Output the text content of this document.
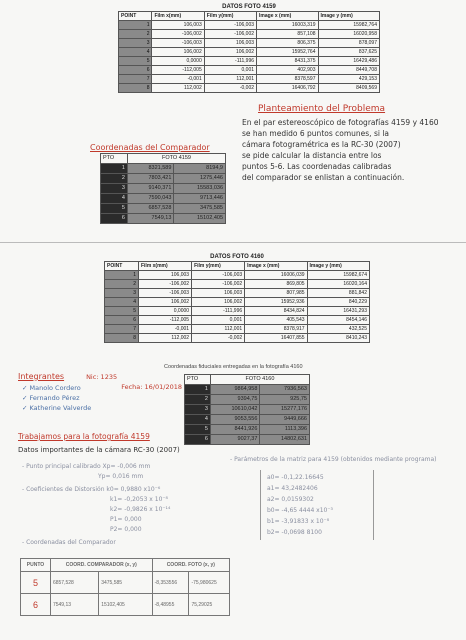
DATOS FOTO 4159
POINT	Film x(mm)	Film y(mm)	Image x (mm)	Image y (mm)
1	106,003	-106,003	16003,319	15982,764
2	-106,002	-106,002	857,108	16020,958
3	-106,003	106,003	806,375	878,097
4	106,002	106,002	15952,764	837,625
5	0,0000	-111,996	8431,375	16429,486
6	-112,005	0,001	402,903	8449,708
7	-0,001	112,001	8378,597	429,153
8	112,002	-0,002	16406,792	8409,569
Planteamiento del Problema
En el par estereoscópico de fotografías 4159 y 4160
se han medido 6 puntos comunes, si la
cámara fotogramétrica es la RC-30 (2007)
se pide calcular la distancia entre los
puntos 5-6. Las coordenadas calibradas
del comparador se enlistan a continuación.
Coordenadas del Comparador
PTO	FOTO 4159	
1	8321,589	8194,9
2	7803,421	1275,446
3	9140,371	15583,036
4	7590,043	9713,446
5	6857,528	3475,585
6	7549,13	15102,405
DATOS FOTO 4160
POINT	Film x(mm)	Film y(mm)	Image x (mm)	Image y (mm)
1	106,003	-106,003	16006,039	15982,674
2	-106,002	-106,002	869,805	16020,164
3	-106,003	106,003	807,985	881,842
4	106,002	106,002	15952,936	840,229
5	0,0000	-111,996	8434,824	16431,293
6	-112,005	0,001	405,543	8454,146
7	-0,001	112,001	8378,917	432,525
8	112,002	-0,002	16407,855	8410,243
Coordenadas fiduciales entregadas en la fotografía 4160
PTO	FOTO 4160	
1	9864,958	7936,563
2	9394,75	925,75
3	10610,042	15277,176
4	9053,556	9449,666
5	8441,926	1113,396
6	9027,37	14802,631
Integrantes	Nic: 1235
✓ Manolo Cordero
✓ Fernando Pérez
✓ Katherine Valverde
Fecha: 16/01/2018
Trabajamos para la fotografía 4159
Datos importantes de la cámara RC-30 (2007)
- Punto principal calibrado Xp= -0,006 mm
Yp= 0,016 mm
- Coeficientes de Distorsión k0= 0,9880 x10⁻⁶
k1= -0,2053 x 10⁻⁸
k2= -0,9826 x 10⁻¹⁴
P1= 0,000
P2= 0,000
- Coordenadas del Comparador
- Parámetros de la matriz para 4159 (obtenidos mediante programa)
a0= -0,1,22.16645
a1= 43,2482406
a2= 0,0159302
b0= -4,65 4444 x10⁻³
b1= -3,91833 x 10⁻⁸
b2= -0,0698 8100
PUNTO	COORD. COMPARADOR (x, y)		COORD. FOTO (x, y)	
5	6857,528	3475,585	-8,353556	-75,980625
6	7549,13	15102,405	-8,48955	75,29025
